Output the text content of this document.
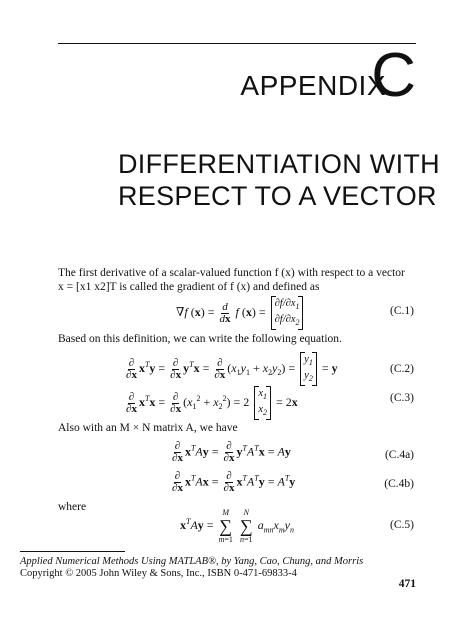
APPENDIX
C
DIFFERENTIATION WITH
RESPECT TO A VECTOR
The first derivative of a scalar-valued function f (x) with respect to a vector
x = [x1 x2]T is called the gradient of f (x) and defined as
∇f $(x) = \frac{d}{dx}$ f (x) =
$\partial f/\partial x_1$
$\partial f/\partial x_2$
(C.1)
Based on this definition, we can write the following equation.
$\frac{\partial}{\partial x} x^Ty = \frac{\partial}{\partial x} y^Tx = \frac{\partial}{\partial x} (x_1y_1 + x_2y_2)$ =
$y_1$
$y_2$
= y	(C.2)
$\frac{\partial}{\partial x} x^Tx = \frac{\partial}{\partial x} (x_1^2 + x_2^2) = 2$
$x_1$
$x_2$
= 2x	(C.3)
Also with an M × N matrix A, we have
$\frac{\partial}{\partial x} x^TAy = \frac{\partial}{\partial x} y^TA^Tx = Ay$	(C.4a)
$\frac{\partial}{\partial x} x^TAx = \frac{\partial}{\partial x} x^TA^Ty = A^Ty$	(C.4b)
where
$x^TAy$ =
M
∑
m=1

N
∑
n=1
$a_{mn}x_my_n$	(C.5)
Applied Numerical Methods Using MATLAB®, by Yang, Cao, Chung, and Morris
Copyright © 2005 John Wiley & Sons, Inc., ISBN 0-471-69833-4
471
